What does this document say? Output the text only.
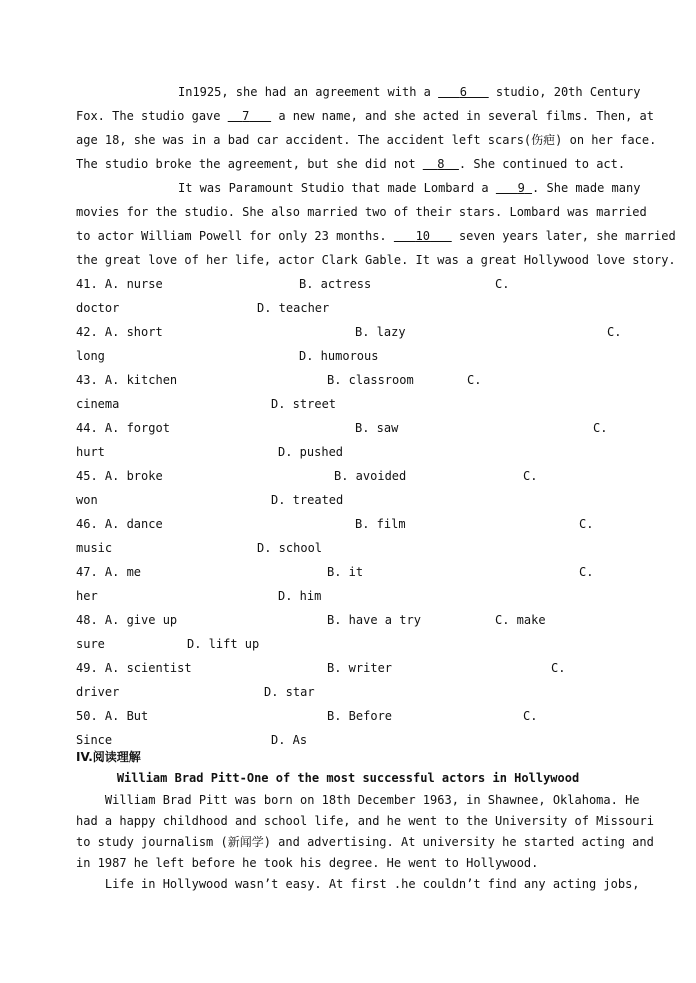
In1925, she had an agreement with a    6    studio, 20th Century
Fox. The studio gave   7    a new name, and she acted in several films. Then, at
age 18, she was in a bad car accident. The accident left scars(伤疤) on her face.
The studio broke the agreement, but she did not   8 . She continued to act.
It was Paramount Studio that made Lombard a    9 . She made many
movies for the studio. She also married two of their stars. Lombard was married
to actor William Powell for only 23 months.    10    seven years later, she married
the great love of her life, actor Clark Gable. It was a great Hollywood love story.
41. A. nurse	B. actress	C.
doctor	D. teacher
42. A. short	B. lazy	C.
long	D. humorous
43. A. kitchen	B. classroom	C.
cinema	D. street
44. A. forgot	B. saw	C.
hurt	D. pushed
45. A. broke	B. avoided	C.
won	D. treated
46. A. dance	B. film	C.
music	D. school
47. A. me	B. it	C.
her	D. him
48. A. give up	B. have a try	C. make
sure	D. lift up
49. A. scientist	B. writer	C.
driver	D. star
50. A. But	B. Before	C.
Since	D. As
IV.阅读理解
William Brad Pitt-One of the most successful actors in Hollywood
William Brad Pitt was born on 18th December 1963, in Shawnee, Oklahoma. He
had a happy childhood and school life, and he went to the University of Missouri
to study journalism (新闻学) and advertising. At university he started acting and
in 1987 he left before he took his degree. He went to Hollywood.
Life in Hollywood wasn’t easy. At first .he couldn’t find any acting jobs,
